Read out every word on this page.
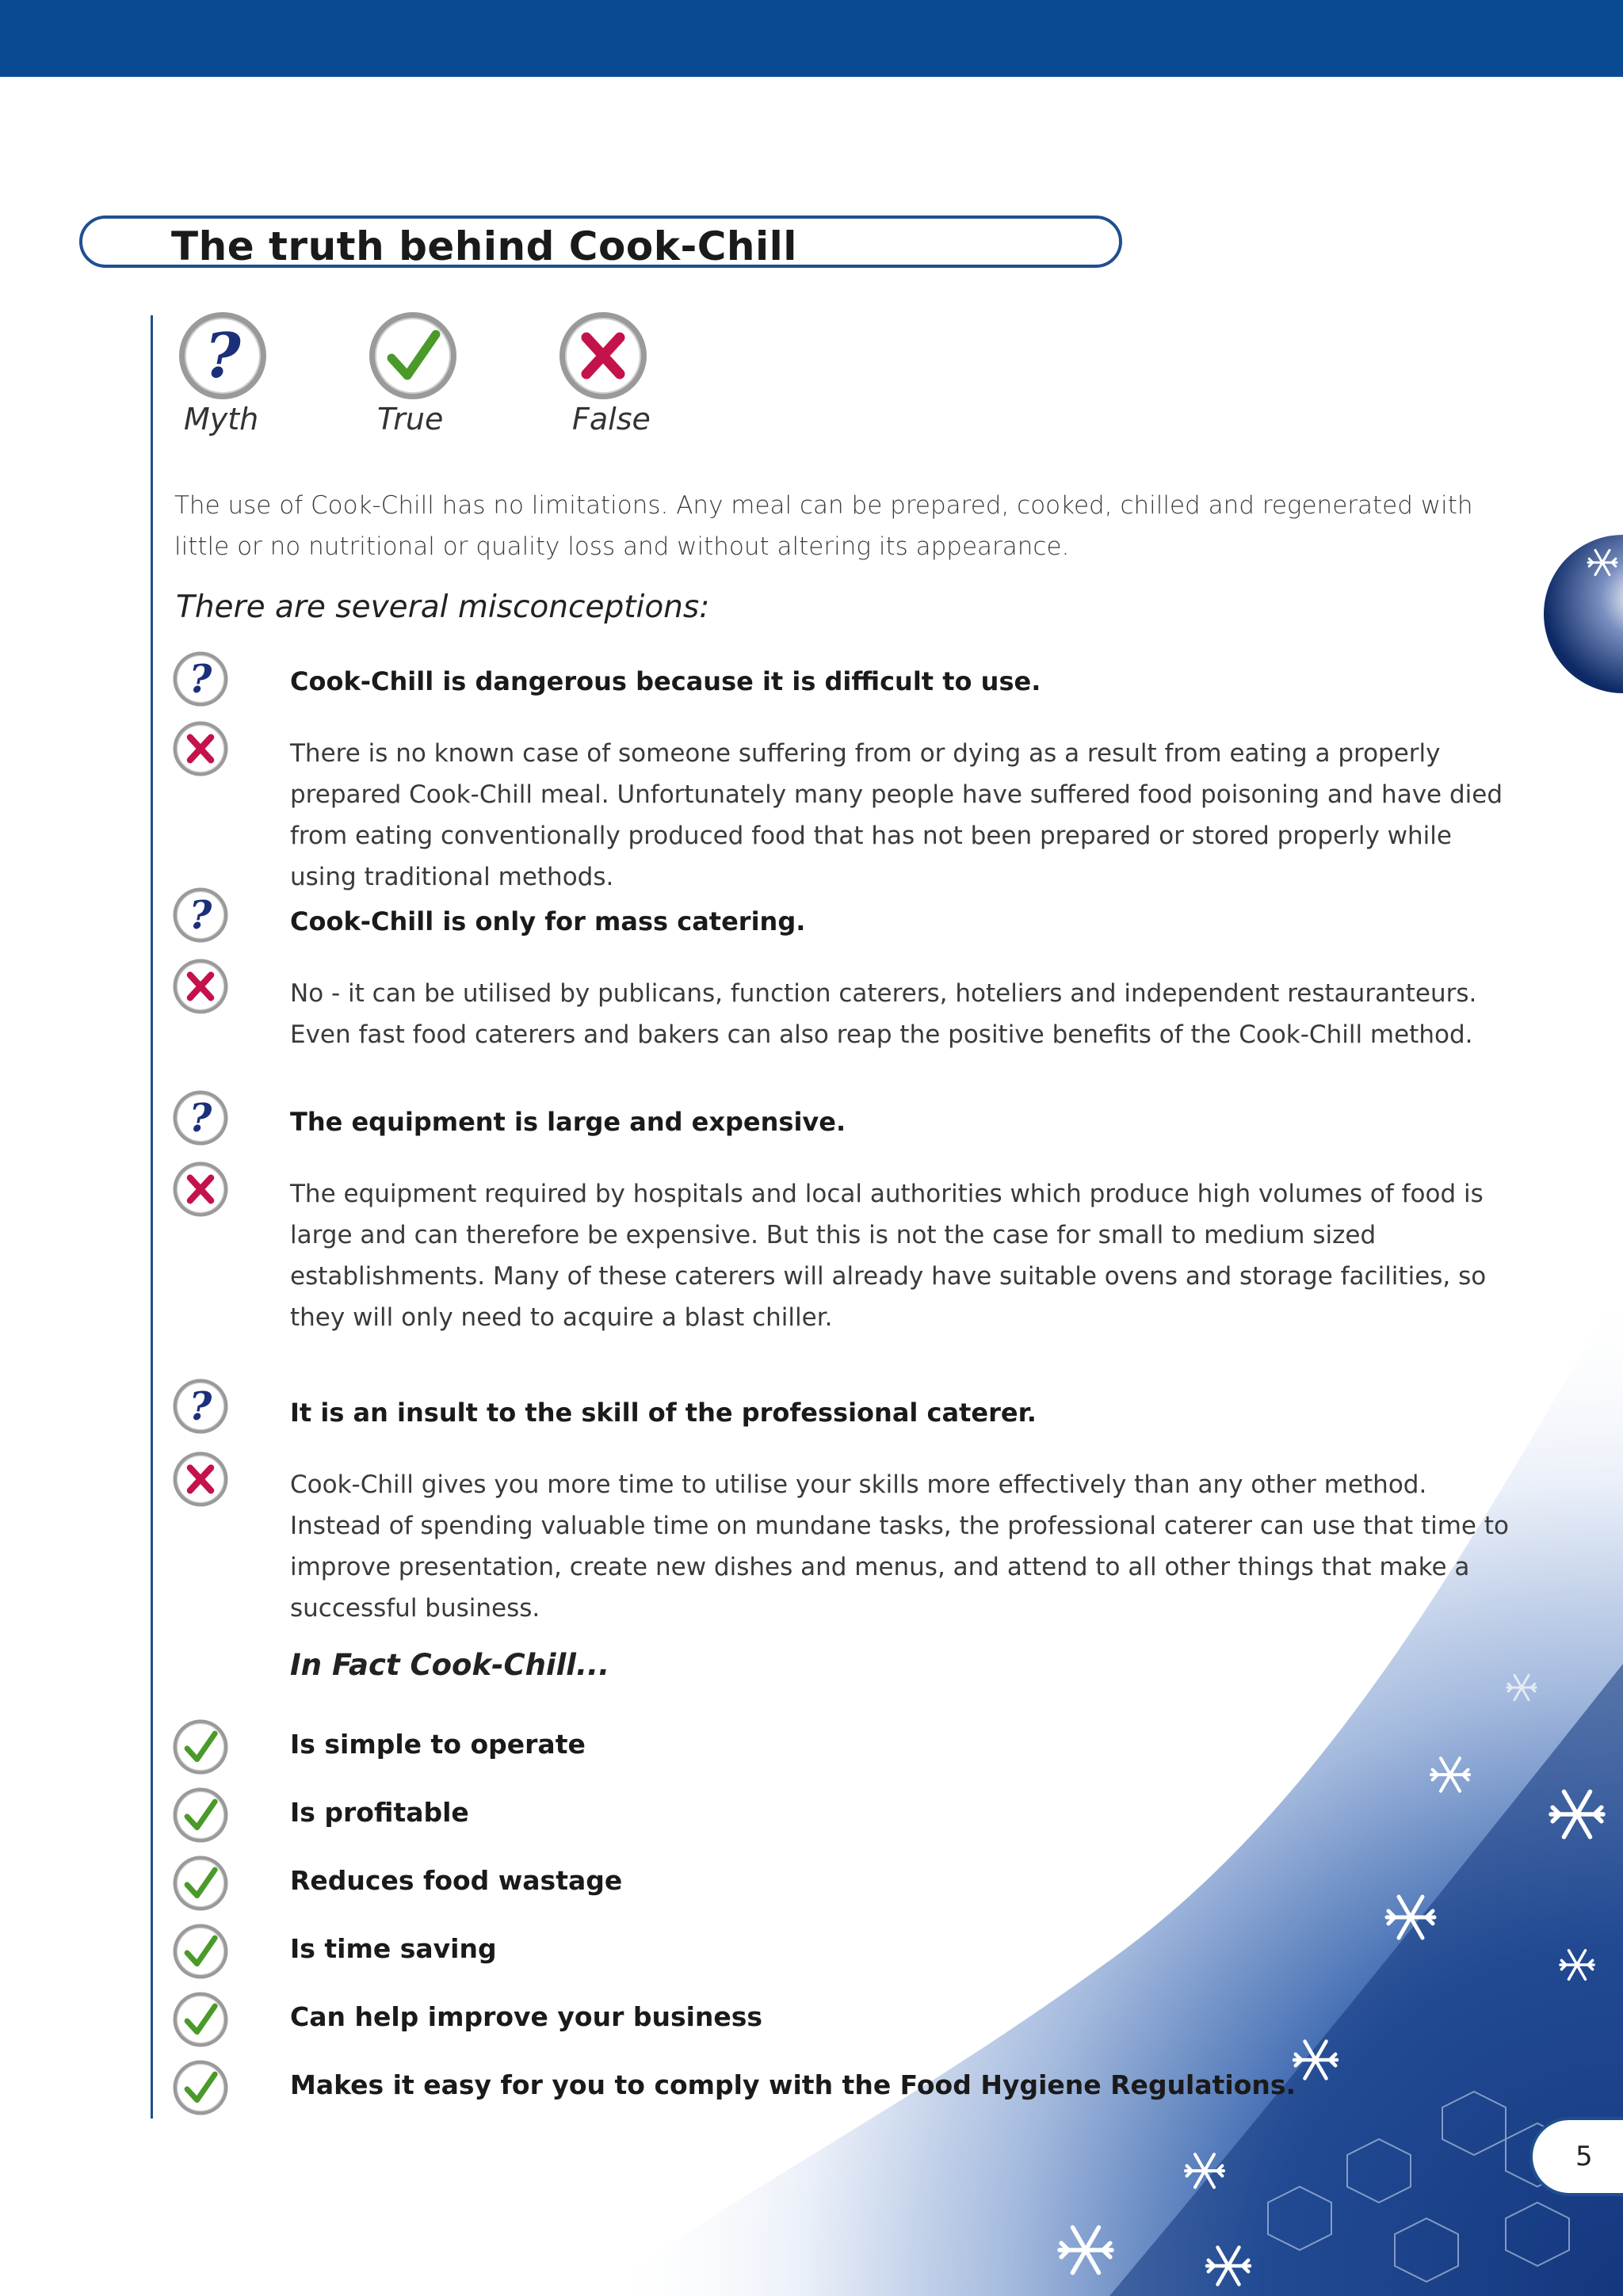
The truth behind Cook-Chill
?
Myth	True	False
The use of Cook-Chill has no limitations. Any meal can be prepared, cooked, chilled and regenerated with little or no nutritional or quality loss and without altering its appearance.
There are several misconceptions:
?	Cook-Chill is dangerous because it is difficult to use.
There is no known case of someone suffering from or dying as a result from eating a properly prepared Cook-Chill meal. Unfortunately many people have suffered food poisoning and have died from eating conventionally produced food that has not been prepared or stored properly while using traditional methods.
?	Cook-Chill is only for mass catering.
No - it can be utilised by publicans, function caterers, hoteliers and independent restauranteurs. Even fast food caterers and bakers can also reap the positive benefits of the Cook-Chill method.
?	The equipment is large and expensive.
The equipment required by hospitals and local authorities which produce high volumes of food is large and can therefore be expensive. But this is not the case for small to medium sized establishments. Many of these caterers will already have suitable ovens and storage facilities, so they will only need to acquire a blast chiller.
?	It is an insult to the skill of the professional caterer.
Cook-Chill gives you more time to utilise your skills more effectively than any other method. Instead of spending valuable time on mundane tasks, the professional caterer can use that time to improve presentation, create new dishes and menus, and attend to all other things that make a successful business.
In Fact Cook-Chill...
Is simple to operate
Is profitable
Reduces food wastage
Is time saving
Can help improve your business
Makes it easy for you to comply with the Food Hygiene Regulations.
5
